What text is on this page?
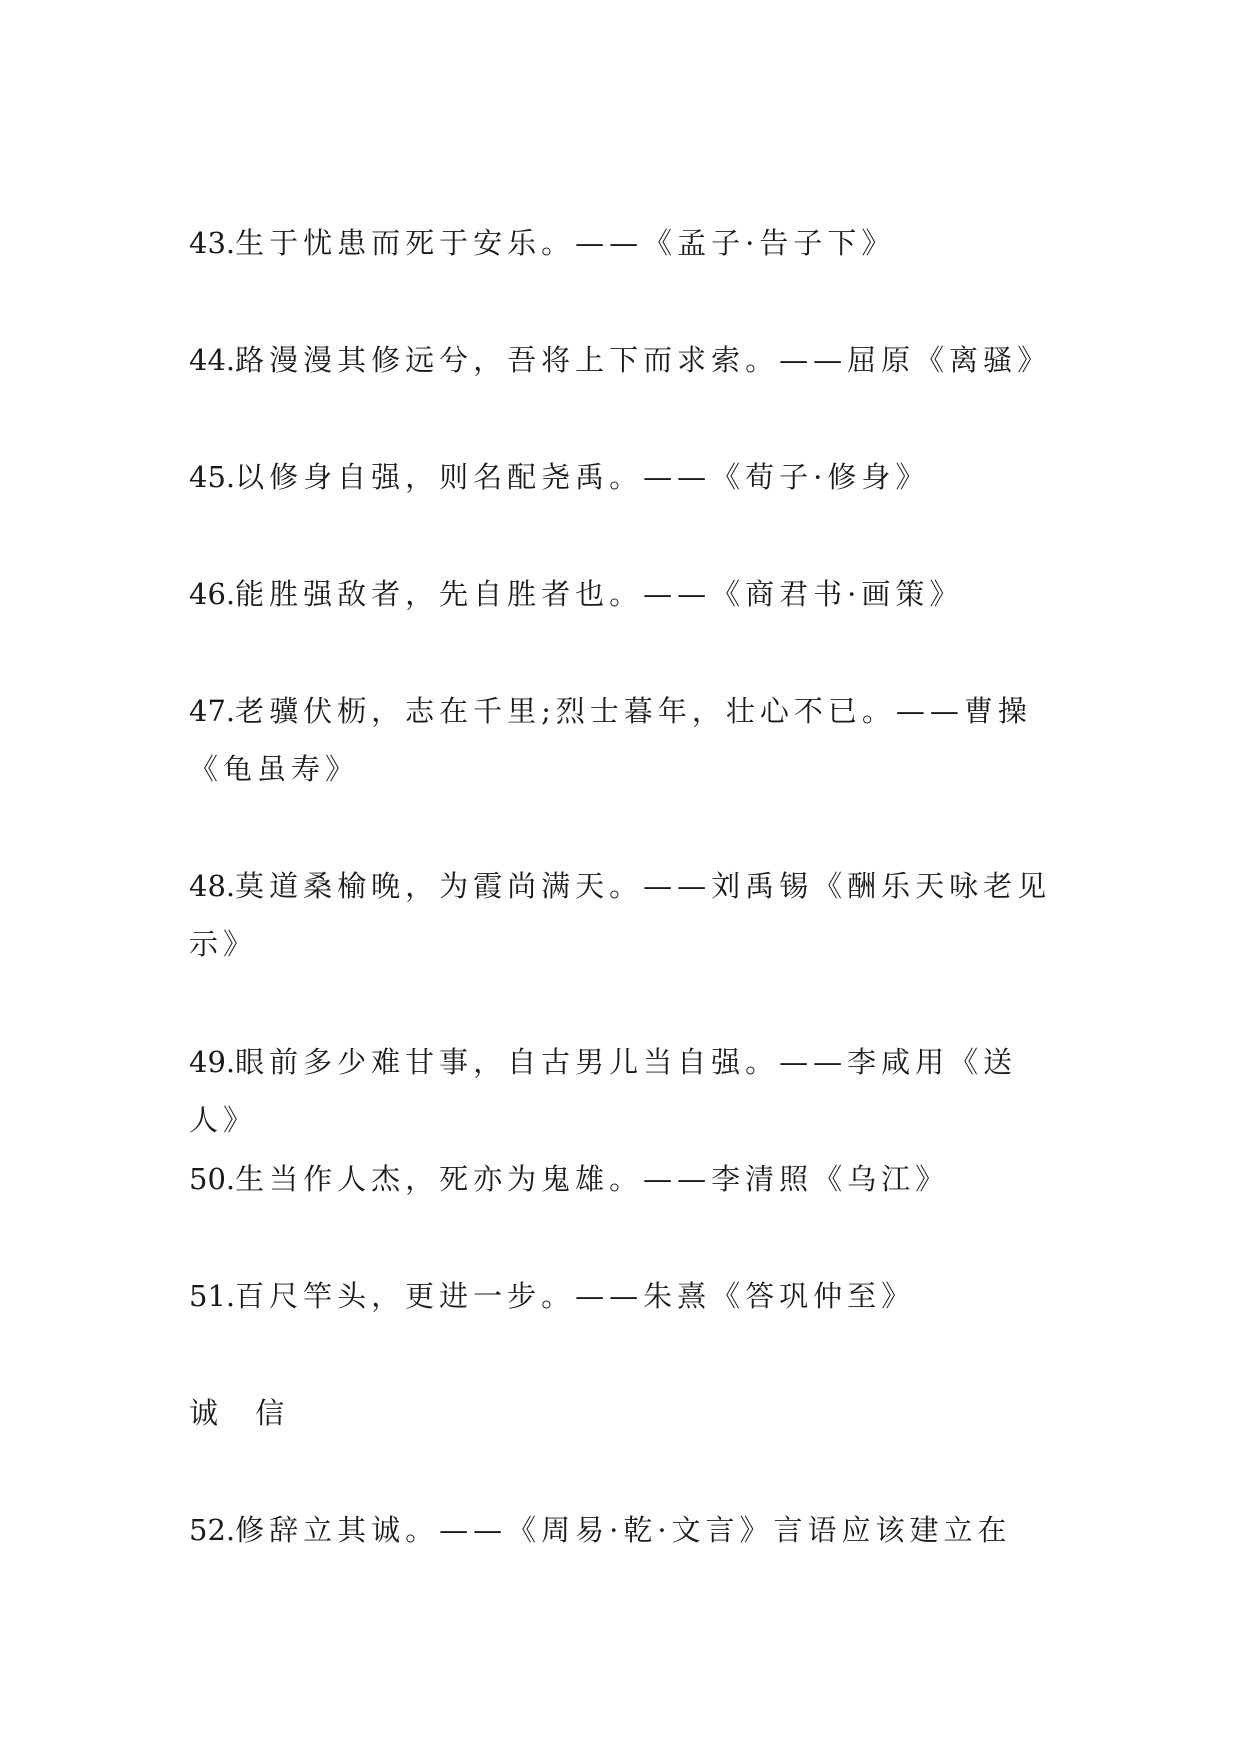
43.生于忧患而死于安乐。——《孟子·告子下》
44.路漫漫其修远兮，吾将上下而求索。——屈原《离骚》
45.以修身自强，则名配尧禹。——《荀子·修身》
46.能胜强敌者，先自胜者也。——《商君书·画策》
47.老骥伏枥，志在千里;烈士暮年，壮心不已。——曹操《龟虽寿》
48.莫道桑榆晚，为霞尚满天。——刘禹锡《酬乐天咏老见示》
49.眼前多少难甘事，自古男儿当自强。——李咸用《送人》
50.生当作人杰，死亦为鬼雄。——李清照《乌江》
51.百尺竿头，更进一步。——朱熹《答巩仲至》
诚 信
52.修辞立其诚。——《周易·乾·文言》言语应该建立在
